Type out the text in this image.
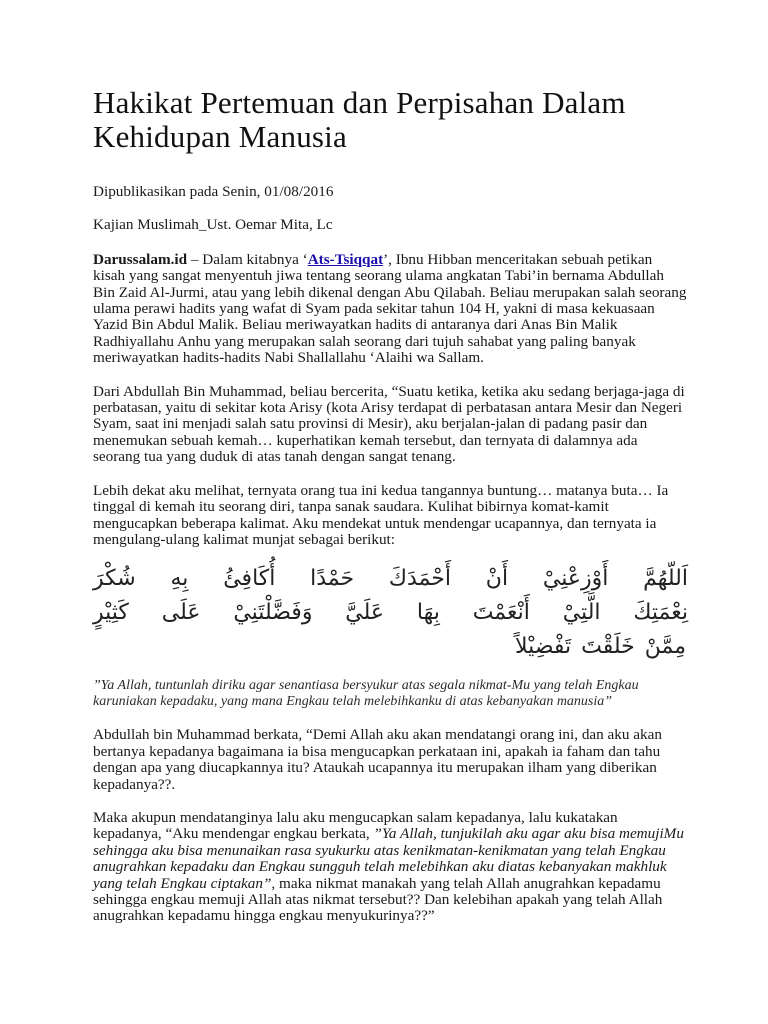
Hakikat Pertemuan dan Perpisahan Dalam Kehidupan Manusia

Dipublikasikan pada Senin, 01/08/2016

Kajian Muslimah_Ust. Oemar Mita, Lc

Darussalam.id – Dalam kitabnya ‘Ats-Tsiqqat’, Ibnu Hibban menceritakan sebuah petikan kisah yang sangat menyentuh jiwa tentang seorang ulama angkatan Tabi’in bernama Abdullah Bin Zaid Al-Jurmi, atau yang lebih dikenal dengan Abu Qilabah. Beliau merupakan salah seorang ulama perawi hadits yang wafat di Syam pada sekitar tahun 104 H, yakni di masa kekuasaan Yazid Bin Abdul Malik. Beliau meriwayatkan hadits di antaranya dari Anas Bin Malik Radhiyallahu Anhu yang merupakan salah seorang dari tujuh sahabat yang paling banyak meriwayatkan hadits-hadits Nabi Shallallahu ‘Alaihi wa Sallam.

Dari Abdullah Bin Muhammad, beliau bercerita, “Suatu ketika, ketika aku sedang berjaga-jaga di perbatasan, yaitu di sekitar kota Arisy (kota Arisy terdapat di perbatasan antara Mesir dan Negeri Syam, saat ini menjadi salah satu provinsi di Mesir), aku berjalan-jalan di padang pasir dan menemukan sebuah kemah… kuperhatikan kemah tersebut, dan ternyata di dalamnya ada seorang tua yang duduk di atas tanah dengan sangat tenang.

Lebih dekat aku melihat, ternyata orang tua ini kedua tangannya buntung… matanya buta… Ia tinggal di kemah itu seorang diri, tanpa sanak saudara. Kulihat bibirnya komat-kamit mengucapkan beberapa kalimat. Aku mendekat untuk mendengar ucapannya, dan ternyata ia mengulang-ulang kalimat munjat sebagai berikut:

اَللّهُمَّ أَوْزِعْنِيْ أَنْ أَحْمَدَكَ حَمْدًا أُكَافِئُ بِهِ شُكْرَ
نِعْمَتِكَ الَّتِيْ أَنْعَمْتَ بِهَا عَلَيَّ وَفَضَّلْتَنِيْ عَلَى كَثِيْرٍ
مِمَّنْ خَلَقْتَ تَفْضِيْلاً

”Ya Allah, tuntunlah diriku agar senantiasa bersyukur atas segala nikmat-Mu yang telah Engkau karuniakan kepadaku, yang mana Engkau telah melebihkanku di atas kebanyakan manusia”

Abdullah bin Muhammad berkata, “Demi Allah aku akan mendatangi orang ini, dan aku akan bertanya kepadanya bagaimana ia bisa mengucapkan perkataan ini, apakah ia faham dan tahu dengan apa yang diucapkannya itu? Ataukah ucapannya itu merupakan ilham yang diberikan kepadanya??.

Maka akupun mendatanginya lalu aku mengucapkan salam kepadanya, lalu kukatakan kepadanya, “Aku mendengar engkau berkata, ”Ya Allah, tunjukilah aku agar aku bisa memujiMu sehingga aku bisa menunaikan rasa syukurku atas kenikmatan-kenikmatan yang telah Engkau anugrahkan kepadaku dan Engkau sungguh telah melebihkan aku diatas kebanyakan makhluk yang telah Engkau ciptakan”, maka nikmat manakah yang telah Allah anugrahkan kepadamu sehingga engkau memuji Allah atas nikmat tersebut?? Dan kelebihan apakah yang telah Allah anugrahkan kepadamu hingga engkau menyukurinya??”
